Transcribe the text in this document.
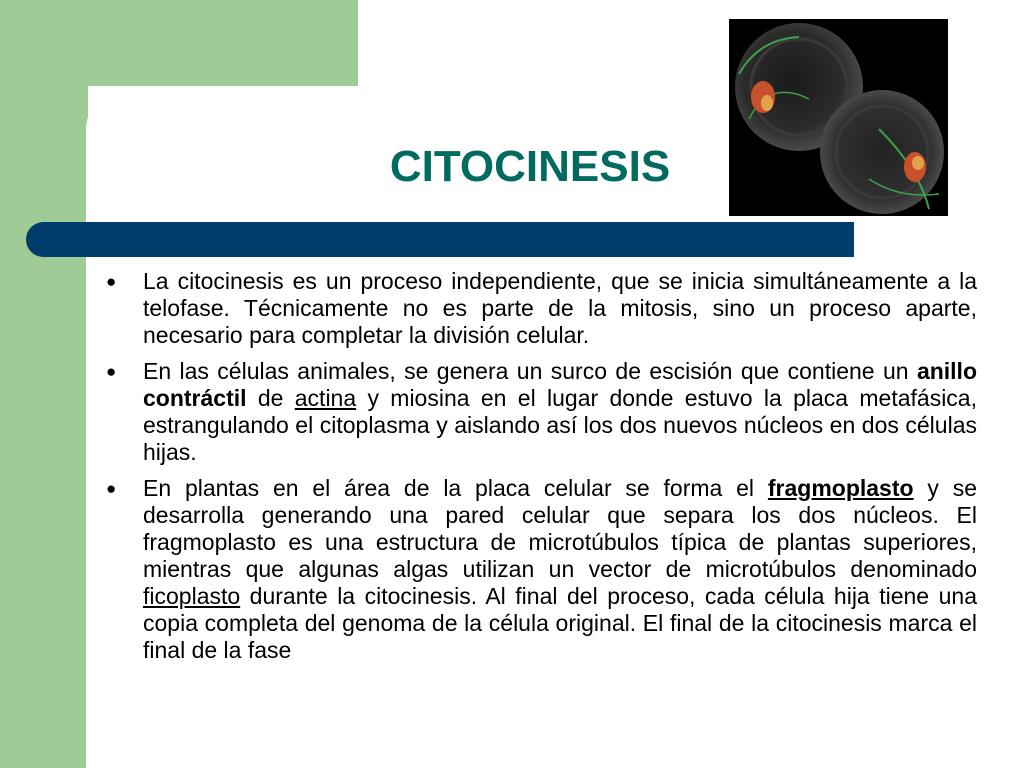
CITOCINESIS
● La citocinesis es un proceso independiente, que se inicia simultáneamente a la telofase. Técnicamente no es parte de la mitosis, sino un proceso aparte, necesario para completar la división celular.
● En las células animales, se genera un surco de escisión que contiene un anillo contráctil de actina y miosina en el lugar donde estuvo la placa metafásica, estrangulando el citoplasma y aislando así los dos nuevos núcleos en dos células hijas.
● En plantas en el área de la placa celular se forma el fragmoplasto y se desarrolla generando una pared celular que separa los dos núcleos. El fragmoplasto es una estructura de microtúbulos típica de plantas superiores, mientras que algunas algas utilizan un vector de microtúbulos denominado ficoplasto durante la citocinesis. Al final del proceso, cada célula hija tiene una copia completa del genoma de la célula original. El final de la citocinesis marca el final de la fase
